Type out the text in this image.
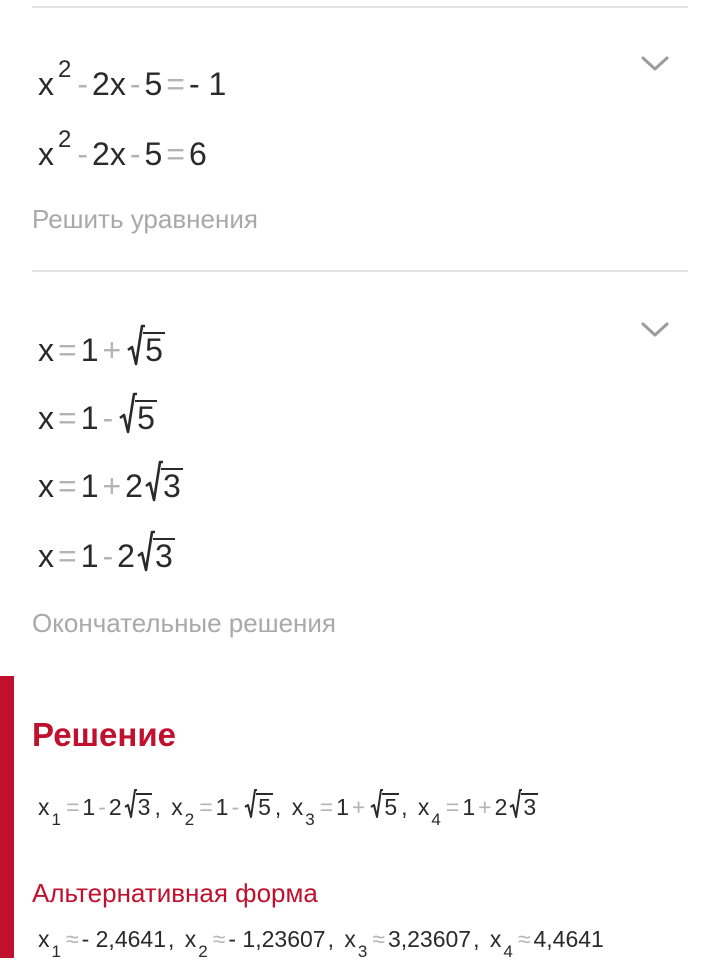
x $^2$ - 2x - 5 = - 1
x $^2$ - 2x - 5 = 6
Решить уравнения
x = 1 + 5
x = 1 - 5
x = 1 + 2 3
x = 1 - 2 3
Окончательные решения
Решение
x $_1$ = 1 - 2 3 , x $_2$ = 1 - 5 , x $_3$ = 1 + 5 , x $_4$ = 1 + 2 3
Альтернативная форма
x $_1$ ≈ - 2,4641, x $_2$ ≈ - 1,23607, x $_3$ ≈ 3,23607, x $_4$ ≈ 4,4641
